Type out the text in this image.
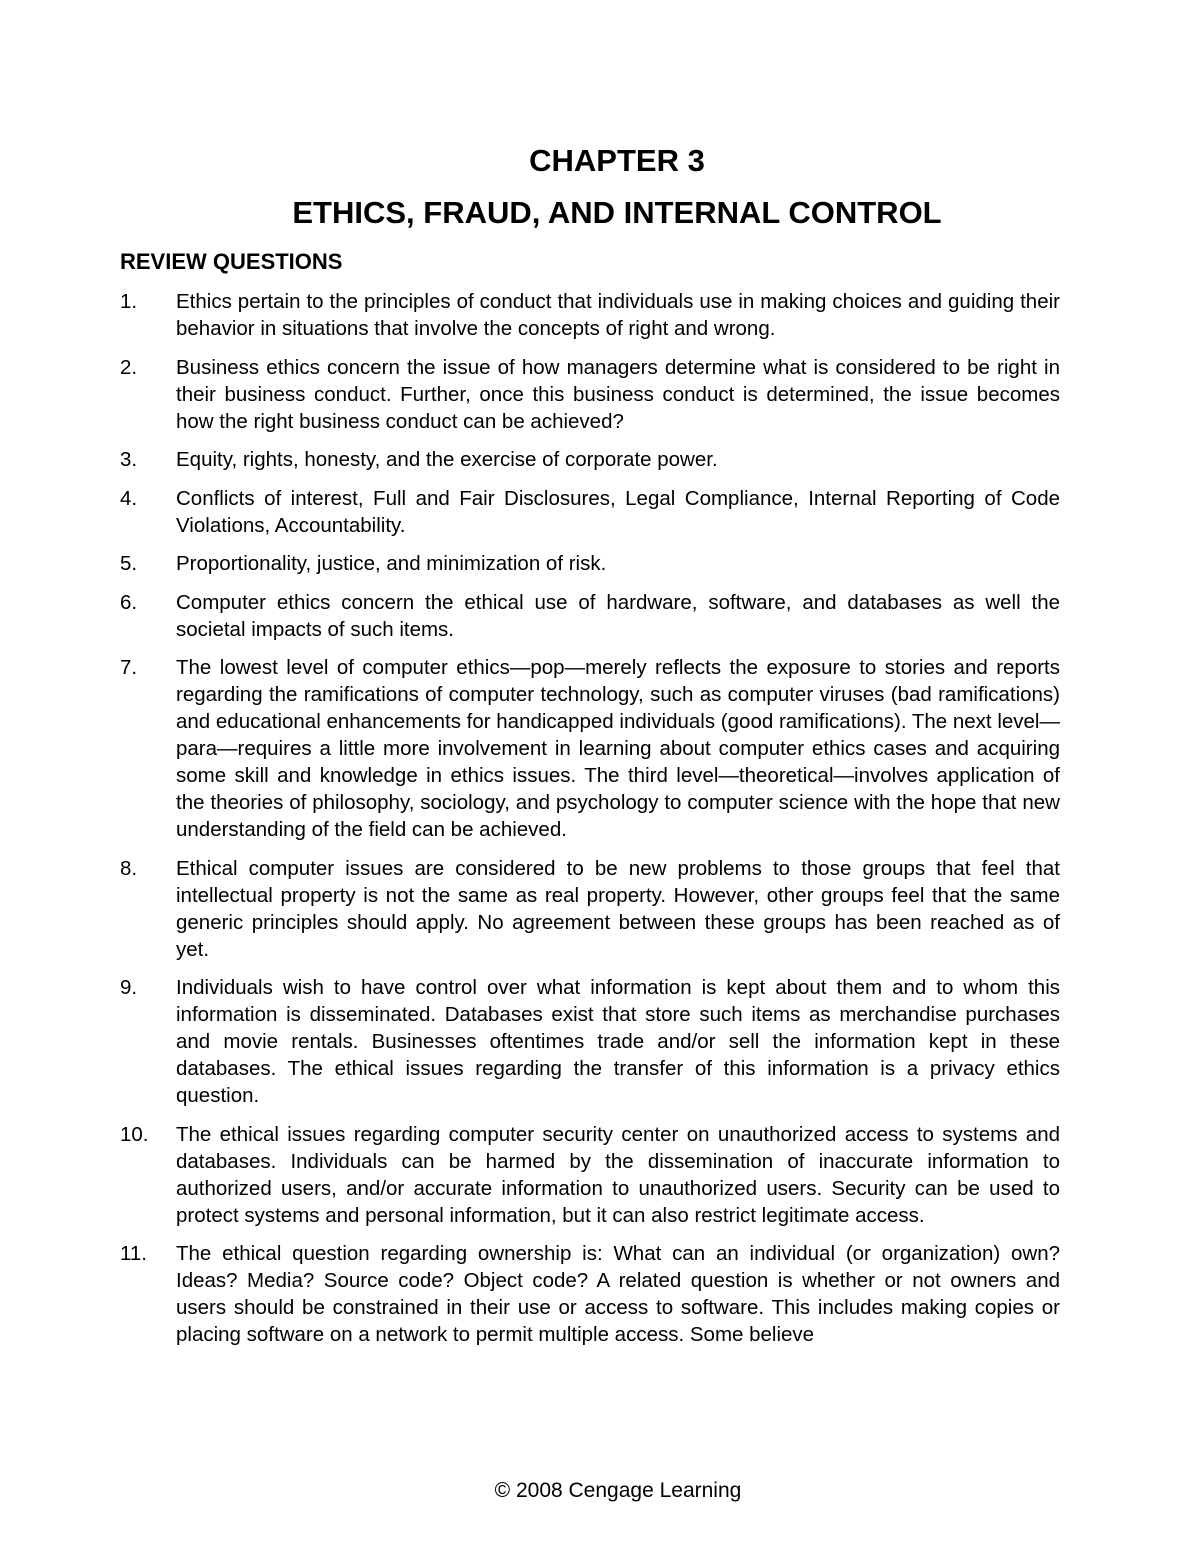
CHAPTER 3
ETHICS, FRAUD, AND INTERNAL CONTROL
REVIEW QUESTIONS
1.	Ethics pertain to the principles of conduct that individuals use in making choices and guiding their behavior in situations that involve the concepts of right and wrong.
2.	Business ethics concern the issue of how managers determine what is considered to be right in their business conduct. Further, once this business conduct is determined, the issue becomes how the right business conduct can be achieved?
3.	Equity, rights, honesty, and the exercise of corporate power.
4.	Conflicts of interest, Full and Fair Disclosures, Legal Compliance, Internal Reporting of Code Violations, Accountability.
5.	Proportionality, justice, and minimization of risk.
6.	Computer ethics concern the ethical use of hardware, software, and databases as well the societal impacts of such items.
7.	The lowest level of computer ethics—pop—merely reflects the exposure to stories and reports regarding the ramifications of computer technology, such as computer viruses (bad ramifications) and educational enhancements for handicapped individuals (good ramifications). The next level—para—requires a little more involvement in learning about computer ethics cases and acquiring some skill and knowledge in ethics issues. The third level—theoretical—involves application of the theories of philosophy, sociology, and psychology to computer science with the hope that new understanding of the field can be achieved.
8.	Ethical computer issues are considered to be new problems to those groups that feel that intellectual property is not the same as real property. However, other groups feel that the same generic principles should apply. No agreement between these groups has been reached as of yet.
9.	Individuals wish to have control over what information is kept about them and to whom this information is disseminated. Databases exist that store such items as merchandise purchases and movie rentals. Businesses oftentimes trade and/or sell the information kept in these databases. The ethical issues regarding the transfer of this information is a privacy ethics question.
10.	The ethical issues regarding computer security center on unauthorized access to systems and databases. Individuals can be harmed by the dissemination of inaccurate information to authorized users, and/or accurate information to unauthorized users. Security can be used to protect systems and personal information, but it can also restrict legitimate access.
11.	The ethical question regarding ownership is: What can an individual (or organization) own? Ideas? Media? Source code? Object code? A related question is whether or not owners and users should be constrained in their use or access to software. This includes making copies or placing software on a network to permit multiple access. Some believe

© 2008 Cengage Learning
